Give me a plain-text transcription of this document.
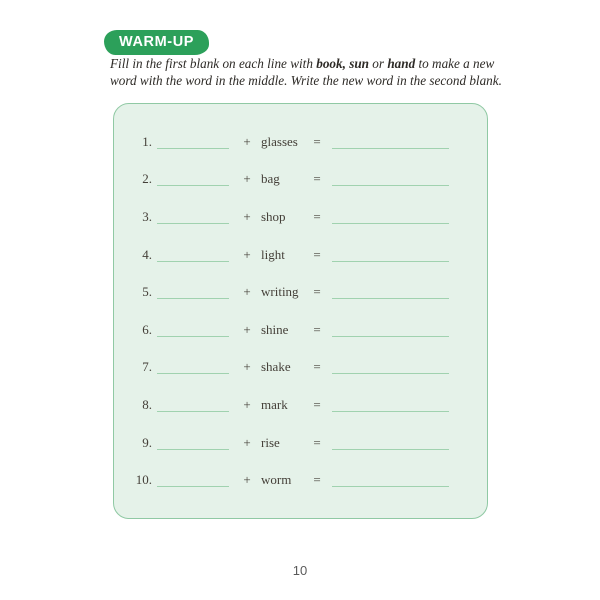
WARM-UP

Fill in the first blank on each line with book, sun or hand to make a new word with the word in the middle. Write the new word in the second blank.

1.	+ glasses	=
2.	+ bag	=
3.	+ shop	=
4.	+ light	=
5.	+ writing	=
6.	+ shine	=
7.	+ shake	=
8.	+ mark	=
9.	+ rise	=
10.	+ worm	=
10
